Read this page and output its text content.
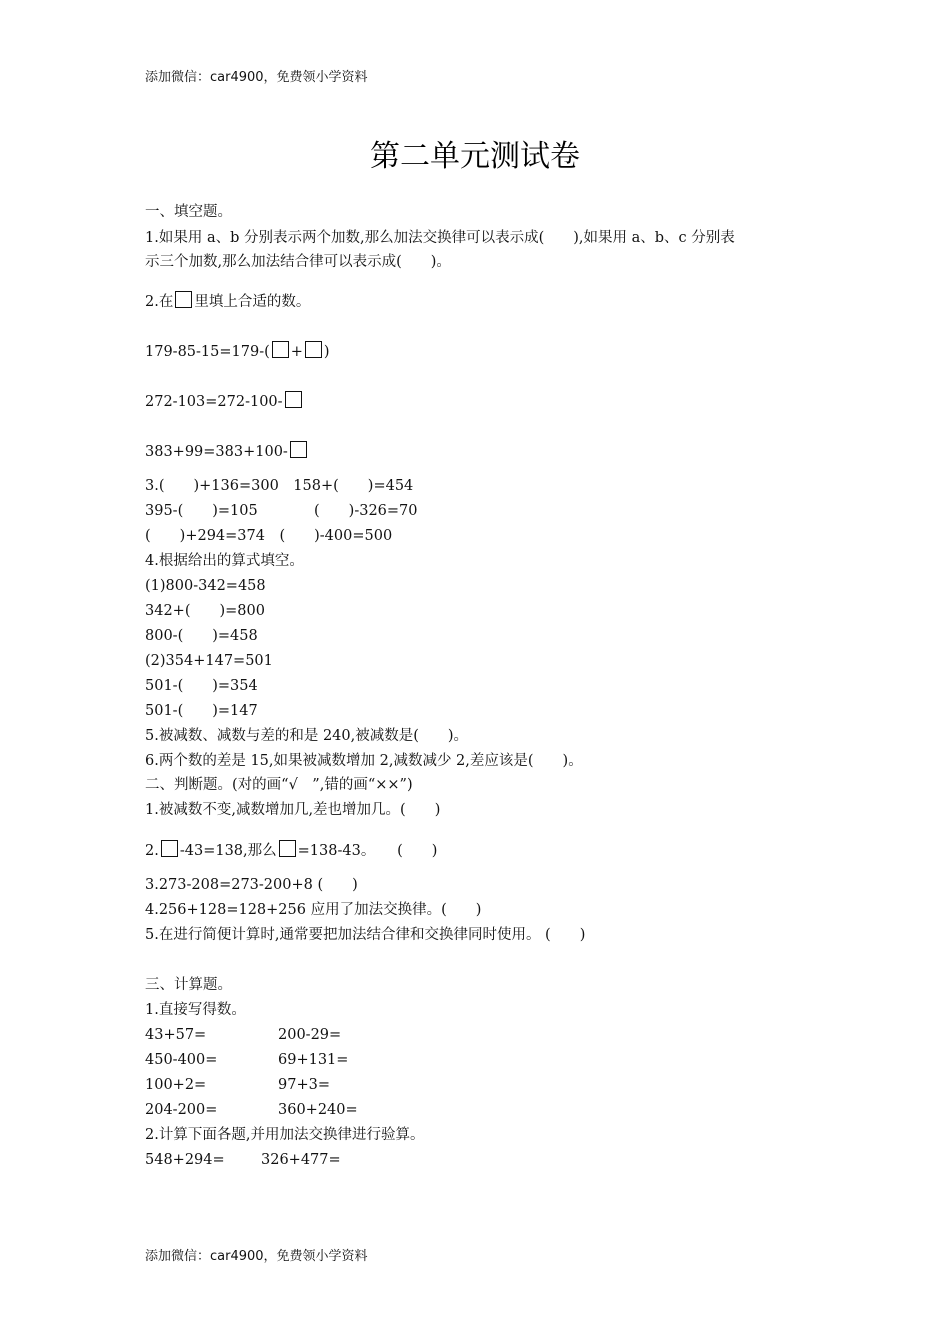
添加微信：car4900，免费领小学资料
第二单元测试卷
一、填空题。
1.如果用 a、b 分别表示两个加数,那么加法交换律可以表示成(　　),如果用 a、b、c 分别表
示三个加数,那么加法结合律可以表示成(　　)。
2.在 里填上合适的数。
179-85-15=179-( + )
272-103=272-100-
383+99=383+100-
3.(　　)+136=300　158+(　　)=454
395-(　　)=105	(　　)-326=70
(　　)+294=374　(　　)-400=500
4.根据给出的算式填空。
(1)800-342=458
342+(　　)=800
800-(　　)=458
(2)354+147=501
501-(　　)=354
501-(　　)=147
5.被减数、减数与差的和是 240,被减数是(　　)。
6.两个数的差是 15,如果被减数增加 2,减数减少 2,差应该是(　　)。
二、判断题。(对的画“√　”,错的画“××”)
1.被减数不变,减数增加几,差也增加几。(　　)
2. -43=138,那么 =138-43。　　(　　)
3.273-208=273-200+8 (　　)
4.256+128=128+256 应用了加法交换律。(　　)
5.在进行简便计算时,通常要把加法结合律和交换律同时使用。 (　　)
三、计算题。
1.直接写得数。
43+57=	200-29=
450-400=	69+131=
100+2=	97+3=
204-200=	360+240=
2.计算下面各题,并用加法交换律进行验算。
548+294=	326+477=
添加微信：car4900，免费领小学资料
